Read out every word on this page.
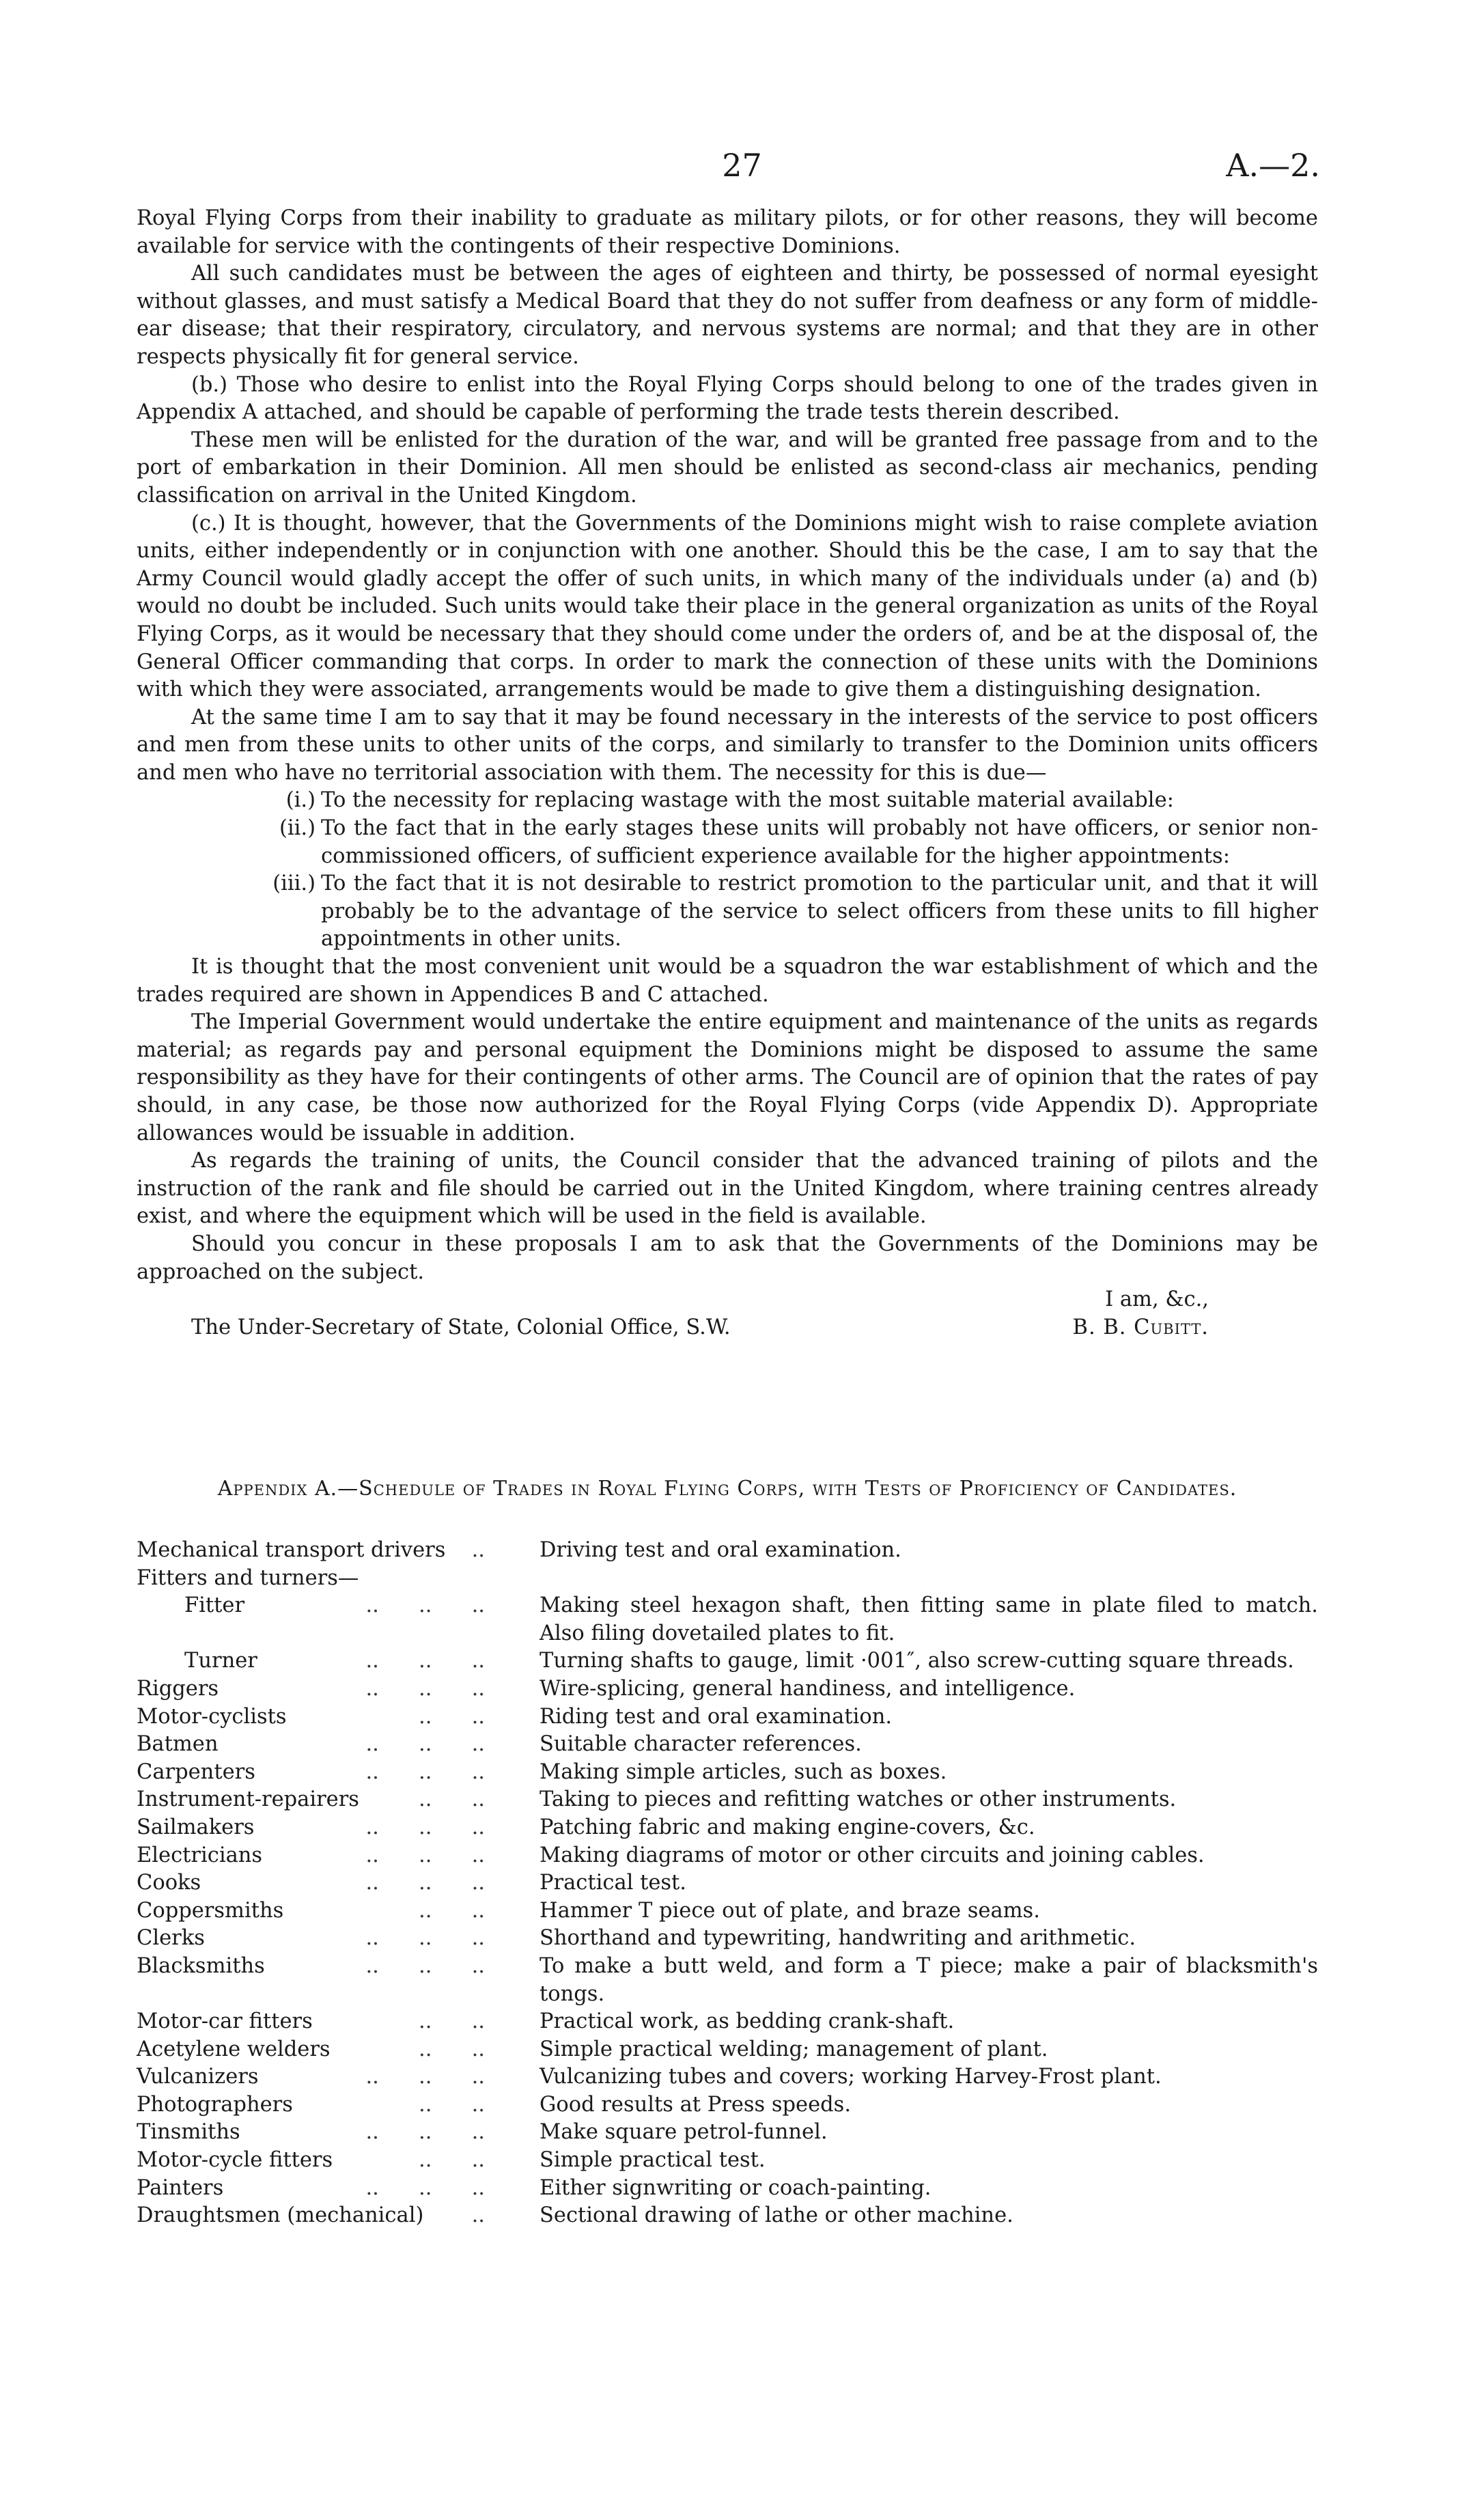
27	A.—2.

Royal Flying Corps from their inability to graduate as military pilots, or for other reasons, they will become available for service with the contingents of their respective Dominions.

All such candidates must be between the ages of eighteen and thirty, be possessed of normal eyesight without glasses, and must satisfy a Medical Board that they do not suffer from deafness or any form of middle-ear disease; that their respiratory, circulatory, and nervous systems are normal; and that they are in other respects physically fit for general service.

(b.) Those who desire to enlist into the Royal Flying Corps should belong to one of the trades given in Appendix A attached, and should be capable of performing the trade tests therein described.

These men will be enlisted for the duration of the war, and will be granted free passage from and to the port of embarkation in their Dominion. All men should be enlisted as second-class air mechanics, pending classification on arrival in the United Kingdom.

(c.) It is thought, however, that the Governments of the Dominions might wish to raise complete aviation units, either independently or in conjunction with one another. Should this be the case, I am to say that the Army Council would gladly accept the offer of such units, in which many of the individuals under (a) and (b) would no doubt be included. Such units would take their place in the general organization as units of the Royal Flying Corps, as it would be necessary that they should come under the orders of, and be at the disposal of, the General Officer commanding that corps. In order to mark the connection of these units with the Dominions with which they were associated, arrangements would be made to give them a distinguishing designation.

At the same time I am to say that it may be found necessary in the interests of the service to post officers and men from these units to other units of the corps, and similarly to transfer to the Dominion units officers and men who have no territorial association with them. The necessity for this is due—

(i.) To the necessity for replacing wastage with the most suitable material available:
(ii.) To the fact that in the early stages these units will probably not have officers, or senior non-commissioned officers, of sufficient experience available for the higher appointments:
(iii.) To the fact that it is not desirable to restrict promotion to the particular unit, and that it will probably be to the advantage of the service to select officers from these units to fill higher appointments in other units.

It is thought that the most convenient unit would be a squadron the war establishment of which and the trades required are shown in Appendices B and C attached.

The Imperial Government would undertake the entire equipment and maintenance of the units as regards material; as regards pay and personal equipment the Dominions might be disposed to assume the same responsibility as they have for their contingents of other arms. The Council are of opinion that the rates of pay should, in any case, be those now authorized for the Royal Flying Corps (vide Appendix D). Appropriate allowances would be issuable in addition.

As regards the training of units, the Council consider that the advanced training of pilots and the instruction of the rank and file should be carried out in the United Kingdom, where training centres already exist, and where the equipment which will be used in the field is available.

Should you concur in these proposals I am to ask that the Governments of the Dominions may be approached on the subject.

I am, &c.,
The Under-Secretary of State, Colonial Office, S.W.	B. B. Cubitt.
Appendix A.—Schedule of Trades in Royal Flying Corps, with Tests of Proficiency of Candidates.
Mechanical transport drivers ..	Driving test and oral examination.
Fitters and turners—
Fitter	..      ..      ..	Making steel hexagon shaft, then fitting same in plate filed to match. Also filing dovetailed plates to fit.
Turner	..      ..      ..	Turning shafts to gauge, limit ·001″, also screw-cutting square threads.
Riggers	..      ..      ..	Wire-splicing, general handiness, and intelligence.
Motor-cyclists	..      ..	Riding test and oral examination.
Batmen	..      ..      ..	Suitable character references.
Carpenters	..      ..      ..	Making simple articles, such as boxes.
Instrument-repairers	..      ..	Taking to pieces and refitting watches or other instruments.
Sailmakers	..      ..      ..	Patching fabric and making engine-covers, &c.
Electricians	..      ..      ..	Making diagrams of motor or other circuits and joining cables.
Cooks	..      ..      ..	Practical test.
Coppersmiths	..      ..	Hammer T piece out of plate, and braze seams.
Clerks	..      ..      ..	Shorthand and typewriting, handwriting and arithmetic.
Blacksmiths	..      ..      ..	To make a butt weld, and form a T piece; make a pair of blacksmith's tongs.
Motor-car fitters	..      ..	Practical work, as bedding crank-shaft.
Acetylene welders	..      ..	Simple practical welding; management of plant.
Vulcanizers	..      ..      ..	Vulcanizing tubes and covers; working Harvey-Frost plant.
Photographers	..      ..	Good results at Press speeds.
Tinsmiths	..      ..      ..	Make square petrol-funnel.
Motor-cycle fitters	..      ..	Simple practical test.
Painters	..      ..      ..	Either signwriting or coach-painting.
Draughtsmen (mechanical) ..	Sectional drawing of lathe or other machine.
